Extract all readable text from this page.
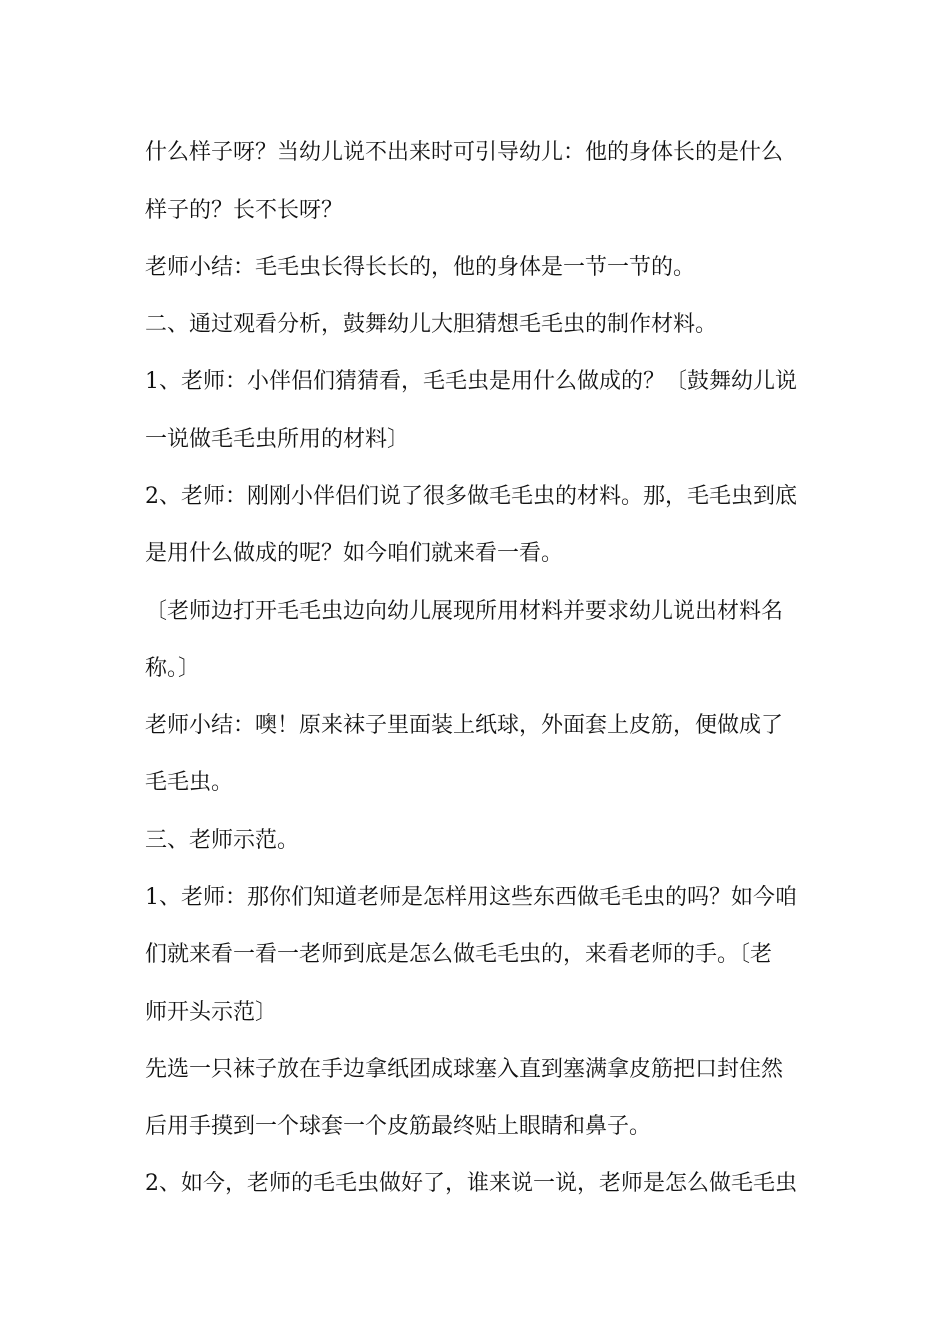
什么样子呀？当幼儿说不出来时可引导幼儿：他的身体长的是什么
样子的？长不长呀？
老师小结：毛毛虫长得长长的，他的身体是一节一节的。
二、通过观看分析，鼓舞幼儿大胆猜想毛毛虫的制作材料。
1、老师：小伴侣们猜猜看，毛毛虫是用什么做成的？〔鼓舞幼儿说
一说做毛毛虫所用的材料〕
2、老师：刚刚小伴侣们说了很多做毛毛虫的材料。那，毛毛虫到底
是用什么做成的呢？如今咱们就来看一看。
〔老师边打开毛毛虫边向幼儿展现所用材料并要求幼儿说出材料名
称。〕
老师小结：噢！原来袜子里面装上纸球，外面套上皮筋，便做成了
毛毛虫。
三、老师示范。
1、老师：那你们知道老师是怎样用这些东西做毛毛虫的吗？如今咱
们就来看一看一老师到底是怎么做毛毛虫的，来看老师的手。〔老
师开头示范〕
先选一只袜子放在手边拿纸团成球塞入直到塞满拿皮筋把口封住然
后用手摸到一个球套一个皮筋最终贴上眼睛和鼻子。
2、如今，老师的毛毛虫做好了，谁来说一说，老师是怎么做毛毛虫
